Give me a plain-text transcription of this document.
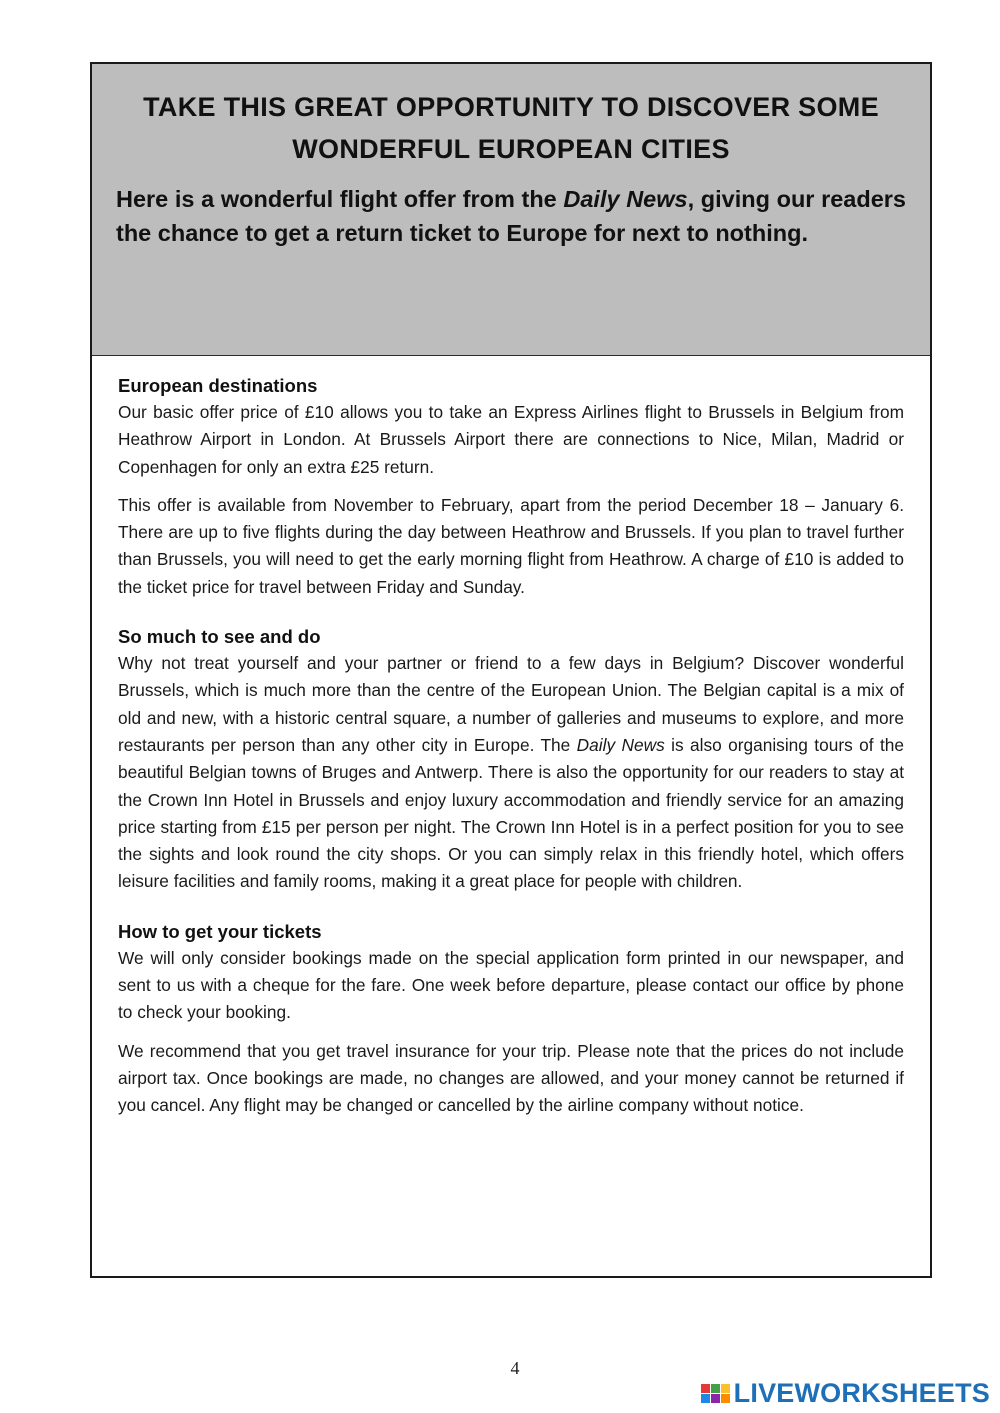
TAKE THIS GREAT OPPORTUNITY TO DISCOVER SOME WONDERFUL EUROPEAN CITIES

Here is a wonderful flight offer from the Daily News, giving our readers the chance to get a return ticket to Europe for next to nothing.

European destinations

Our basic offer price of £10 allows you to take an Express Airlines flight to Brussels in Belgium from Heathrow Airport in London. At Brussels Airport there are connections to Nice, Milan, Madrid or Copenhagen for only an extra £25 return.

This offer is available from November to February, apart from the period December 18 – January 6. There are up to five flights during the day between Heathrow and Brussels. If you plan to travel further than Brussels, you will need to get the early morning flight from Heathrow. A charge of £10 is added to the ticket price for travel between Friday and Sunday.

So much to see and do

Why not treat yourself and your partner or friend to a few days in Belgium? Discover wonderful Brussels, which is much more than the centre of the European Union. The Belgian capital is a mix of old and new, with a historic central square, a number of galleries and museums to explore, and more restaurants per person than any other city in Europe. The Daily News is also organising tours of the beautiful Belgian towns of Bruges and Antwerp. There is also the opportunity for our readers to stay at the Crown Inn Hotel in Brussels and enjoy luxury accommodation and friendly service for an amazing price starting from £15 per person per night. The Crown Inn Hotel is in a perfect position for you to see the sights and look round the city shops. Or you can simply relax in this friendly hotel, which offers leisure facilities and family rooms, making it a great place for people with children.

How to get your tickets

We will only consider bookings made on the special application form printed in our newspaper, and sent to us with a cheque for the fare. One week before departure, please contact our office by phone to check your booking.

We recommend that you get travel insurance for your trip. Please note that the prices do not include airport tax. Once bookings are made, no changes are allowed, and your money cannot be returned if you cancel. Any flight may be changed or cancelled by the airline company without notice.

4
LIVEWORKSHEETS
